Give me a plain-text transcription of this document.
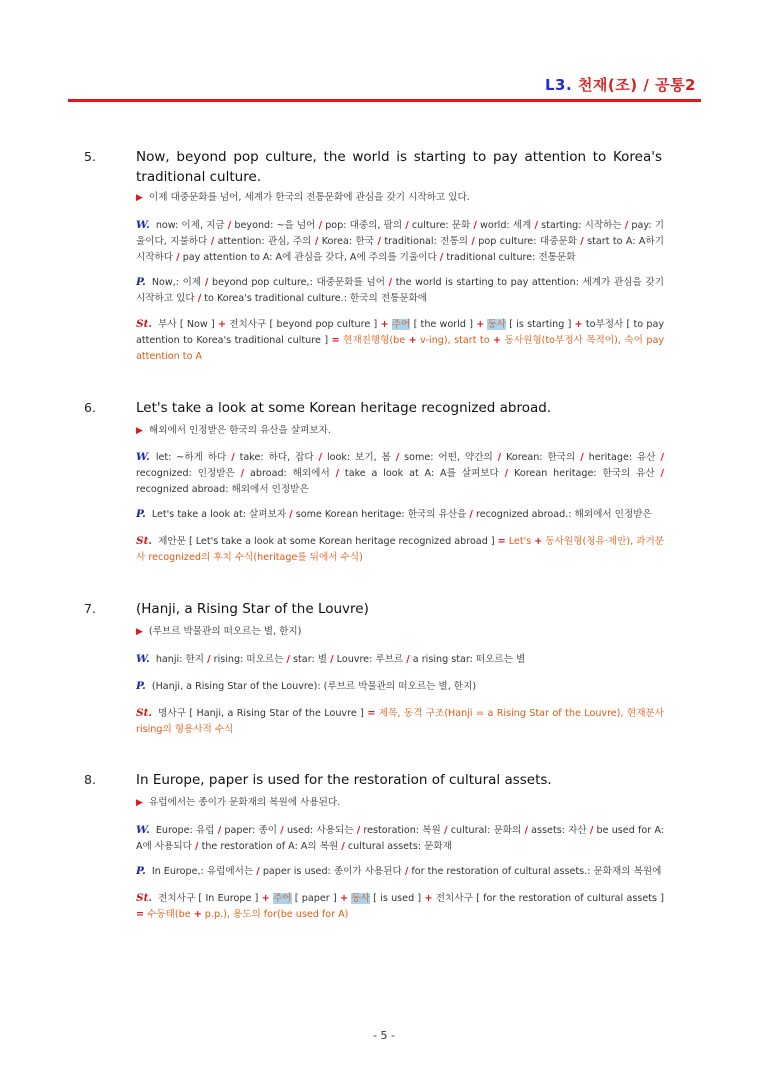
L3. 천재(조) / 공통2
5.	Now, beyond pop culture, the world is starting to pay attention to Korea's traditional culture.
▶ 이제 대중문화를 넘어, 세계가 한국의 전통문화에 관심을 갖기 시작하고 있다.
W. now: 이제, 지금 / beyond: ~을 넘어 / pop: 대중의, 팝의 / culture: 문화 / world: 세계 / starting: 시작하는 / pay: 기울이다, 지불하다 / attention: 관심, 주의 / Korea: 한국 / traditional: 전통의 / pop culture: 대중문화 / start to A: A하기 시작하다 / pay attention to A: A에 관심을 갖다, A에 주의를 기울이다 / traditional culture: 전통문화
P. Now,: 이제 / beyond pop culture,: 대중문화를 넘어 / the world is starting to pay attention: 세계가 관심을 갖기 시작하고 있다 / to Korea's traditional culture.: 한국의 전통문화에
St. 부사 [ Now ] + 전치사구 [ beyond pop culture ] + 주어 [ the world ] + 동사 [ is starting ] + to부정사 [ to pay attention to Korea's traditional culture ] = 현재진행형(be + v-ing), start to + 동사원형(to부정사 목적어), 숙어 pay attention to A
6.	Let's take a look at some Korean heritage recognized abroad.
▶ 해외에서 인정받은 한국의 유산을 살펴보자.
W. let: ~하게 하다 / take: 하다, 잡다 / look: 보기, 봄 / some: 어떤, 약간의 / Korean: 한국의 / heritage: 유산 / recognized: 인정받은 / abroad: 해외에서 / take a look at A: A를 살펴보다 / Korean heritage: 한국의 유산 / recognized abroad: 해외에서 인정받은
P. Let's take a look at: 살펴보자 / some Korean heritage: 한국의 유산을 / recognized abroad.: 해외에서 인정받은
St. 제안문 [ Let's take a look at some Korean heritage recognized abroad ] = Let's + 동사원형(청유·제안), 과거분사 recognized의 후치 수식(heritage를 뒤에서 수식)
7.	(Hanji, a Rising Star of the Louvre)
▶ (루브르 박물관의 떠오르는 별, 한지)
W. hanji: 한지 / rising: 떠오르는 / star: 별 / Louvre: 루브르 / a rising star: 떠오르는 별
P. (Hanji, a Rising Star of the Louvre): (루브르 박물관의 떠오르는 별, 한지)
St. 명사구 [ Hanji, a Rising Star of the Louvre ] = 제목, 동격 구조(Hanji = a Rising Star of the Louvre), 현재분사 rising의 형용사적 수식
8.	In Europe, paper is used for the restoration of cultural assets.
▶ 유럽에서는 종이가 문화재의 복원에 사용된다.
W. Europe: 유럽 / paper: 종이 / used: 사용되는 / restoration: 복원 / cultural: 문화의 / assets: 자산 / be used for A: A에 사용되다 / the restoration of A: A의 복원 / cultural assets: 문화재
P. In Europe,: 유럽에서는 / paper is used: 종이가 사용된다 / for the restoration of cultural assets.: 문화재의 복원에
St. 전치사구 [ In Europe ] + 주어 [ paper ] + 동사 [ is used ] + 전치사구 [ for the restoration of cultural assets ] = 수동태(be + p.p.), 용도의 for(be used for A)
- 5 -
